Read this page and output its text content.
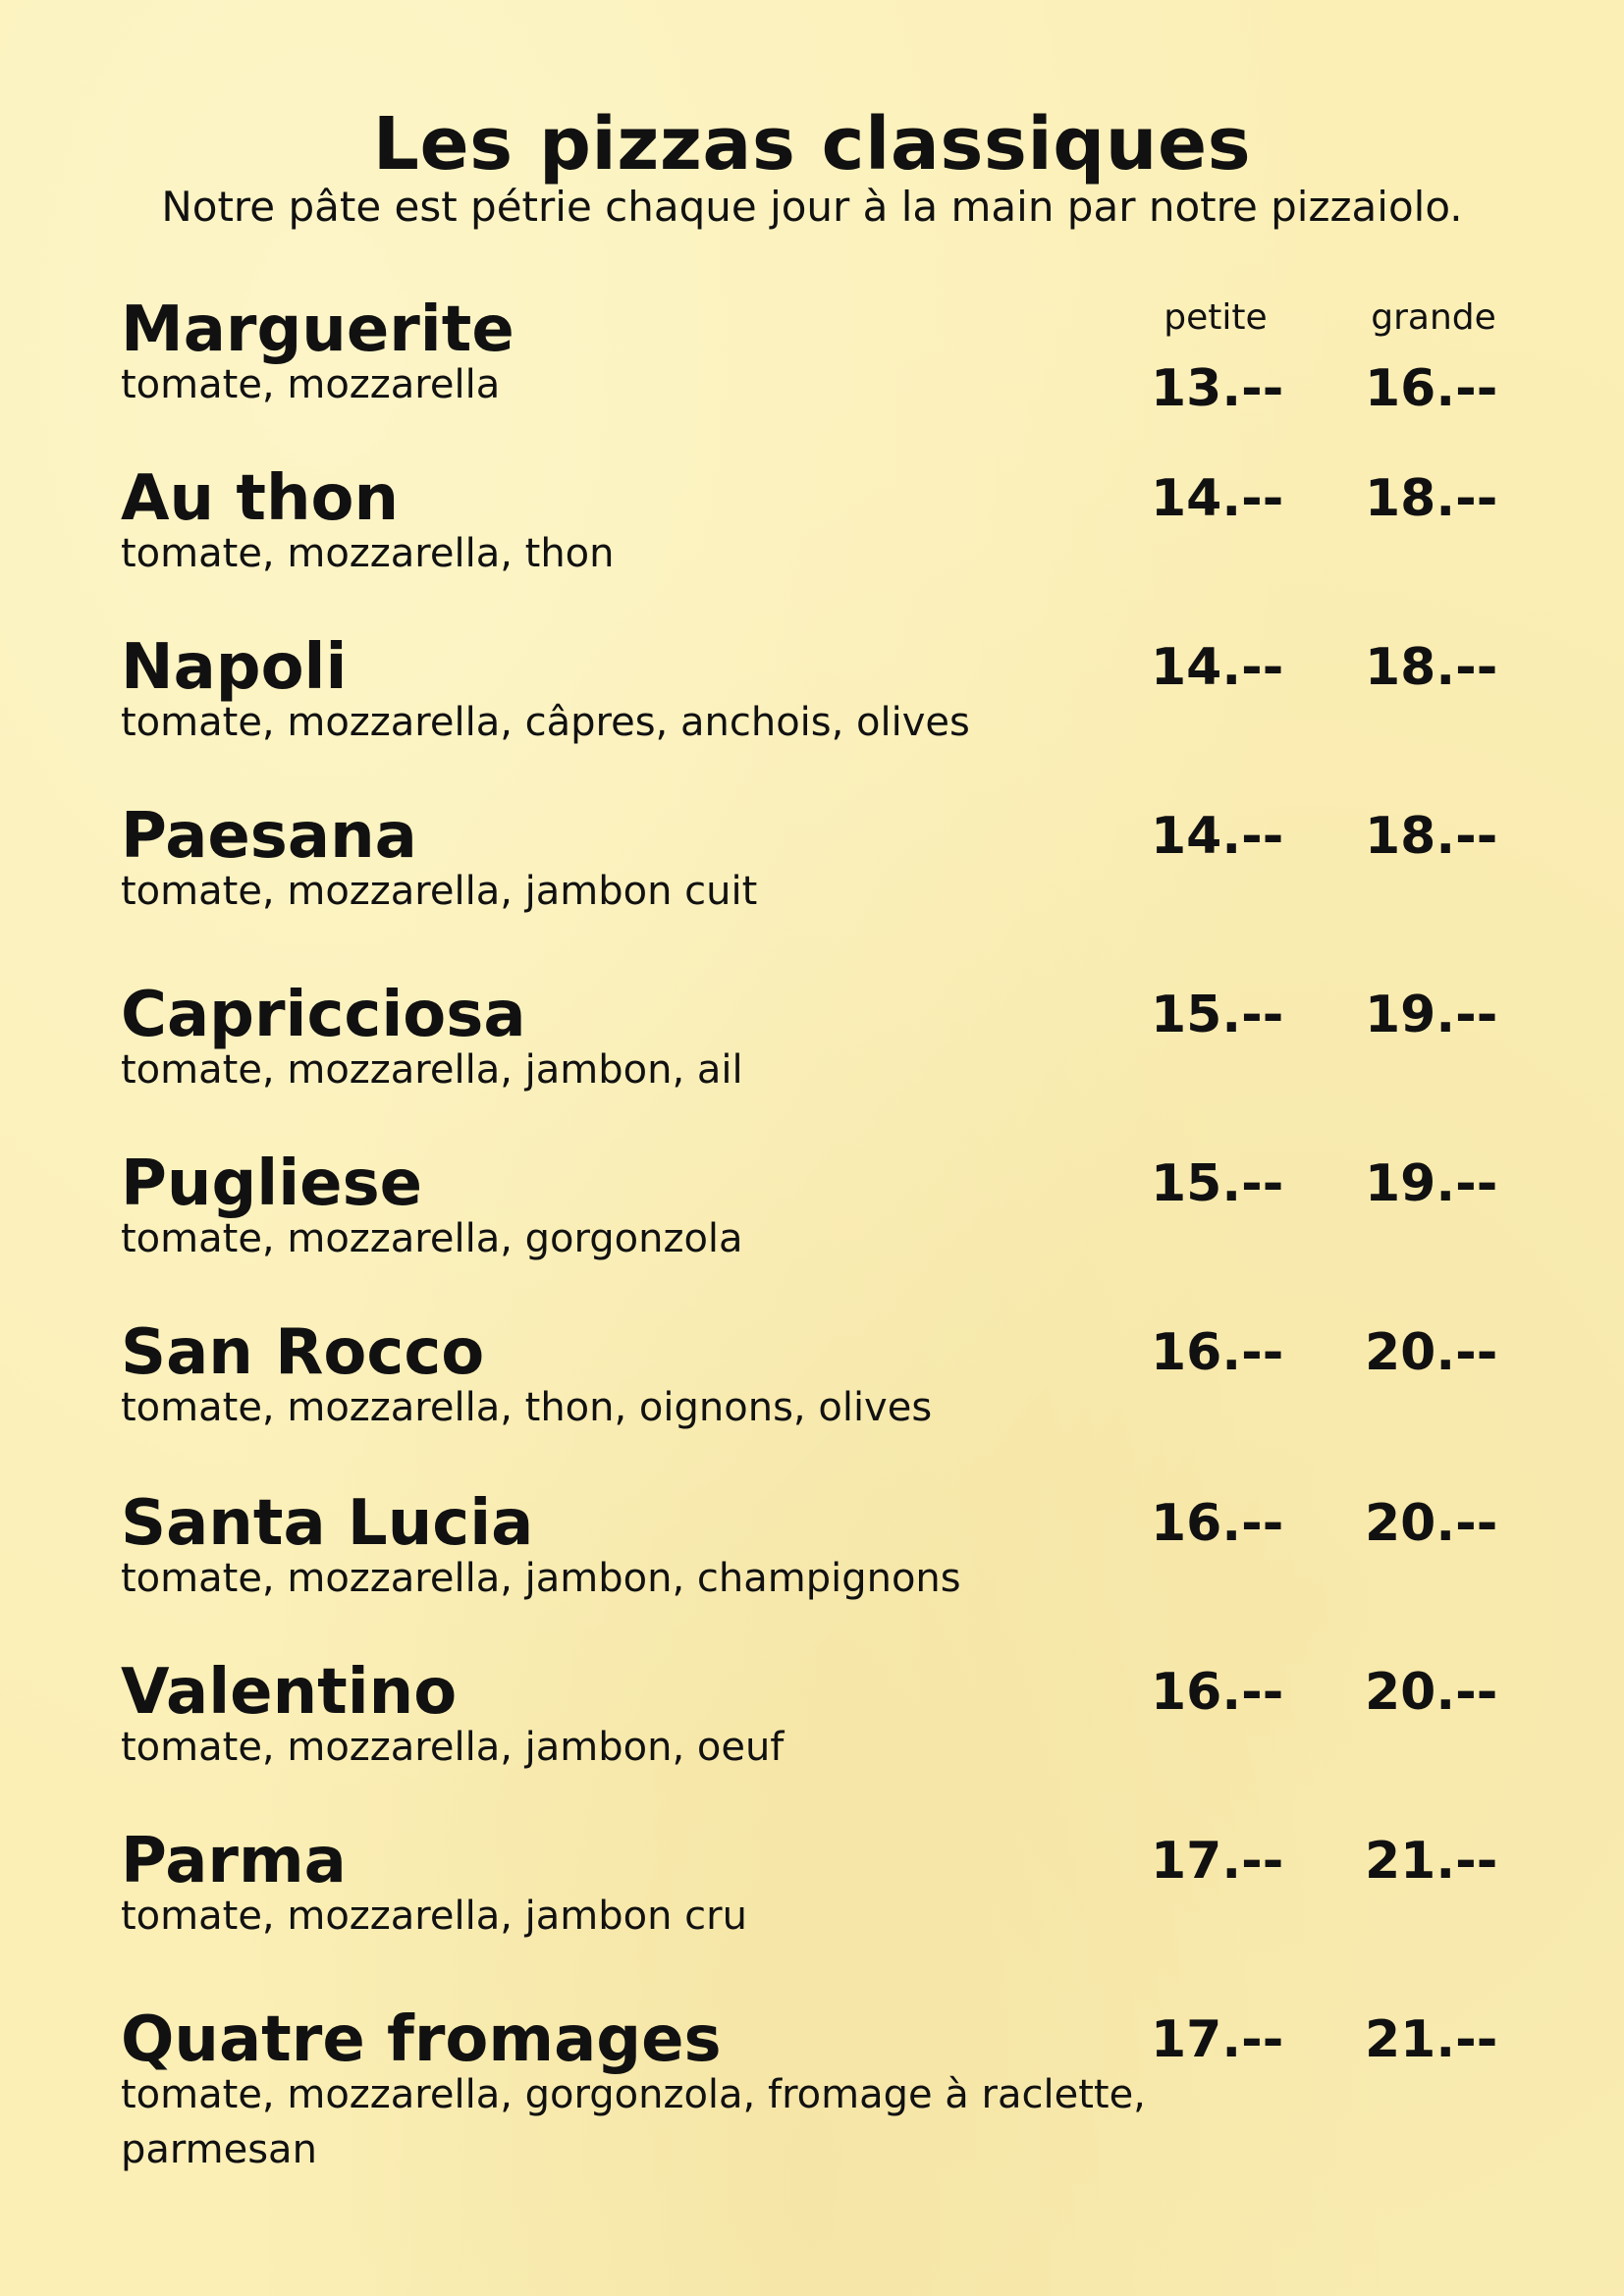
Les pizzas classiques
Notre pâte est pétrie chaque jour à la main par notre pizzaiolo.
petite	grande
Marguerite
tomate, mozzarella	13.-- 16.--
Au thon
tomate, mozzarella, thon
14.-- 18.--
Napoli
tomate, mozzarella, câpres, anchois, olives
14.-- 18.--
Paesana
tomate, mozzarella, jambon cuit
14.-- 18.--
Capricciosa
tomate, mozzarella, jambon, ail
15.-- 19.--
Pugliese
tomate, mozzarella, gorgonzola
15.-- 19.--
San Rocco
tomate, mozzarella, thon, oignons, olives
16.-- 20.--
Santa Lucia
tomate, mozzarella, jambon, champignons
16.-- 20.--
Valentino
tomate, mozzarella, jambon, oeuf
16.-- 20.--
Parma
tomate, mozzarella, jambon cru
17.-- 21.--
Quatre fromages
tomate, mozzarella, gorgonzola, fromage à raclette, parmesan
17.-- 21.--
